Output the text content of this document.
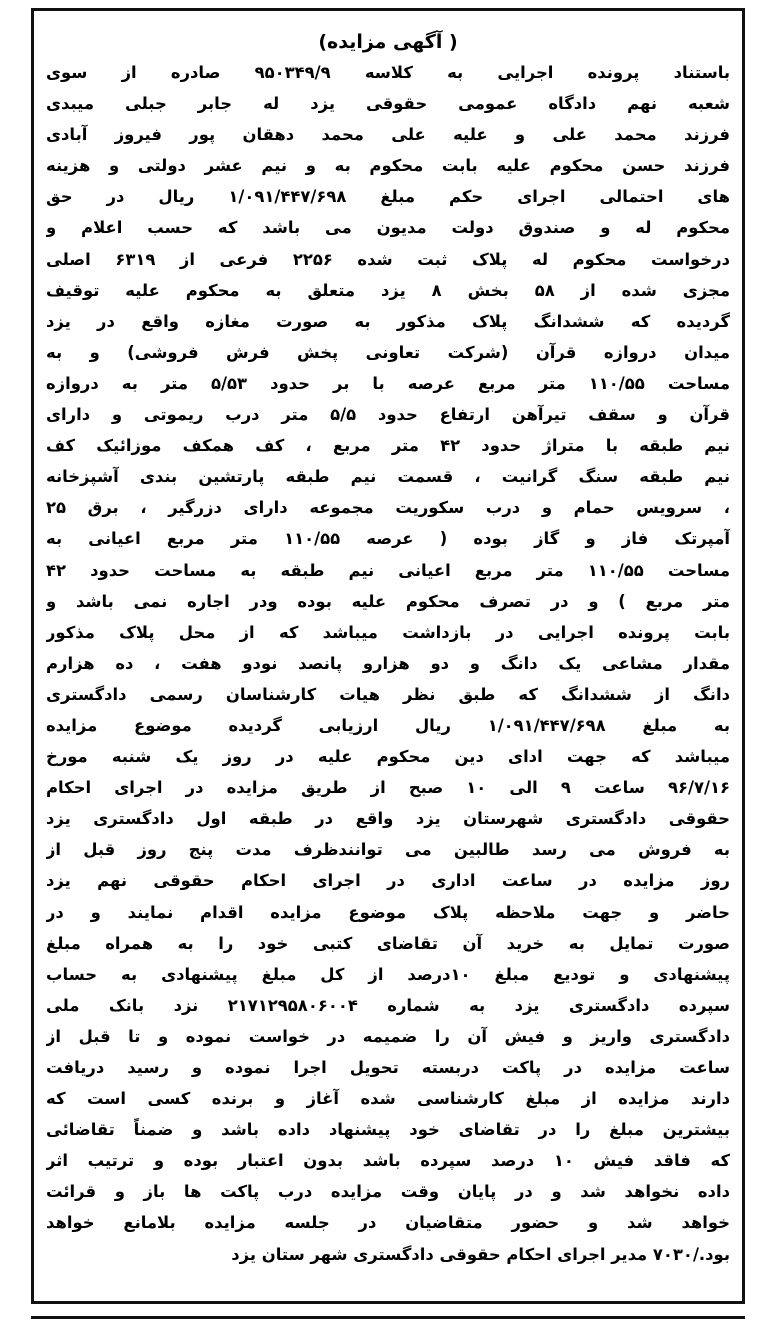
( آگهی مزایده)
باستناد پرونده اجرایی به کلاسه ۹۵۰۳۴۹/۹ صادره از سوی
شعبه نهم دادگاه عمومی حقوقی یزد له جابر جبلی میبدی
فرزند محمد علی و علیه علی محمد دهقان پور فیروز آبادی
فرزند حسن محکوم علیه بابت محکوم به و نیم عشر دولتی و هزینه
های احتمالی اجرای حکم مبلغ ۱/۰۹۱/۴۴۷/۶۹۸ ریال در حق
محکوم له و صندوق دولت مدیون می باشد که حسب اعلام و
درخواست محکوم له پلاک ثبت شده ۲۲۵۶ فرعی از ۶۳۱۹ اصلی
مجزی شده از ۵۸ بخش ۸ یزد متعلق به محکوم علیه توقیف
گردیده که ششدانگ پلاک مذکور به صورت مغازه واقع در یزد
میدان دروازه قرآن (شرکت تعاونی پخش فرش فروشی) و به
مساحت ۱۱۰/۵۵ متر مربع عرصه با بر حدود ۵/۵۳ متر به دروازه
قرآن و سقف تیرآهن ارتفاع حدود ۵/۵ متر درب ریموتی و دارای
نیم طبقه با متراژ حدود ۴۲ متر مربع ، کف همکف موزائیک کف
نیم طبقه سنگ گرانیت ، قسمت نیم طبقه پارتشین بندی آشپزخانه
، سرویس حمام و درب سکوریت مجموعه دارای دزرگیر ، برق ۲۵
آمپرتک فاز و گاز بوده ( عرصه ۱۱۰/۵۵ متر مربع اعیانی به
مساحت ۱۱۰/۵۵ متر مربع اعیانی نیم طبقه به مساحت حدود ۴۲
متر مربع ) و در تصرف محکوم علیه بوده ودر اجاره نمی باشد و
بابت پرونده اجرایی در بازداشت میباشد که از محل پلاک مذکور
مقدار مشاعی یک دانگ و دو هزارو پانصد نودو هفت ، ده هزارم
دانگ از ششدانگ که طبق نظر هیات کارشناسان رسمی دادگستری
به مبلغ ۱/۰۹۱/۴۴۷/۶۹۸ ریال ارزیابی گردیده موضوع مزایده
میباشد که جهت ادای دین محکوم علیه در روز یک شنبه مورخ
۹۶/۷/۱۶ ساعت ۹ الی ۱۰ صبح از طریق مزایده در اجرای احکام
حقوقی دادگستری شهرستان یزد واقع در طبقه اول دادگستری یزد
به فروش می رسد طالبین می توانندظرف مدت پنج روز قبل از
روز مزایده در ساعت اداری در اجرای احکام حقوقی نهم یزد
حاضر و جهت ملاحظه پلاک موضوع مزایده اقدام نمایند و در
صورت تمایل به خرید آن تقاضای کتبی خود را به همراه مبلغ
پیشنهادی و تودیع مبلغ ۱۰درصد از کل مبلغ پیشنهادی به حساب
سپرده دادگستری یزد به شماره ۲۱۷۱۲۹۵۸۰۶۰۰۴ نزد بانک ملی
دادگستری واریز و فیش آن را ضمیمه در خواست نموده و تا قبل از
ساعت مزایده در پاکت دربسته تحویل اجرا نموده و رسید دریافت
دارند مزایده از مبلغ کارشناسی شده آغاز و برنده کسی است که
بیشترین مبلغ را در تقاضای خود پیشنهاد داده باشد و ضمناً تقاضائی
که فاقد فیش ۱۰ درصد سپرده باشد بدون اعتبار بوده و ترتیب اثر
داده نخواهد شد و در پایان وقت مزایده درب پاکت ها باز و قرائت
خواهد شد و حضور متقاضیان در جلسه مزایده بلامانع خواهد
بود./۷۰۳۰ مدیر اجرای احکام حقوقی دادگستری شهر ستان یزد
